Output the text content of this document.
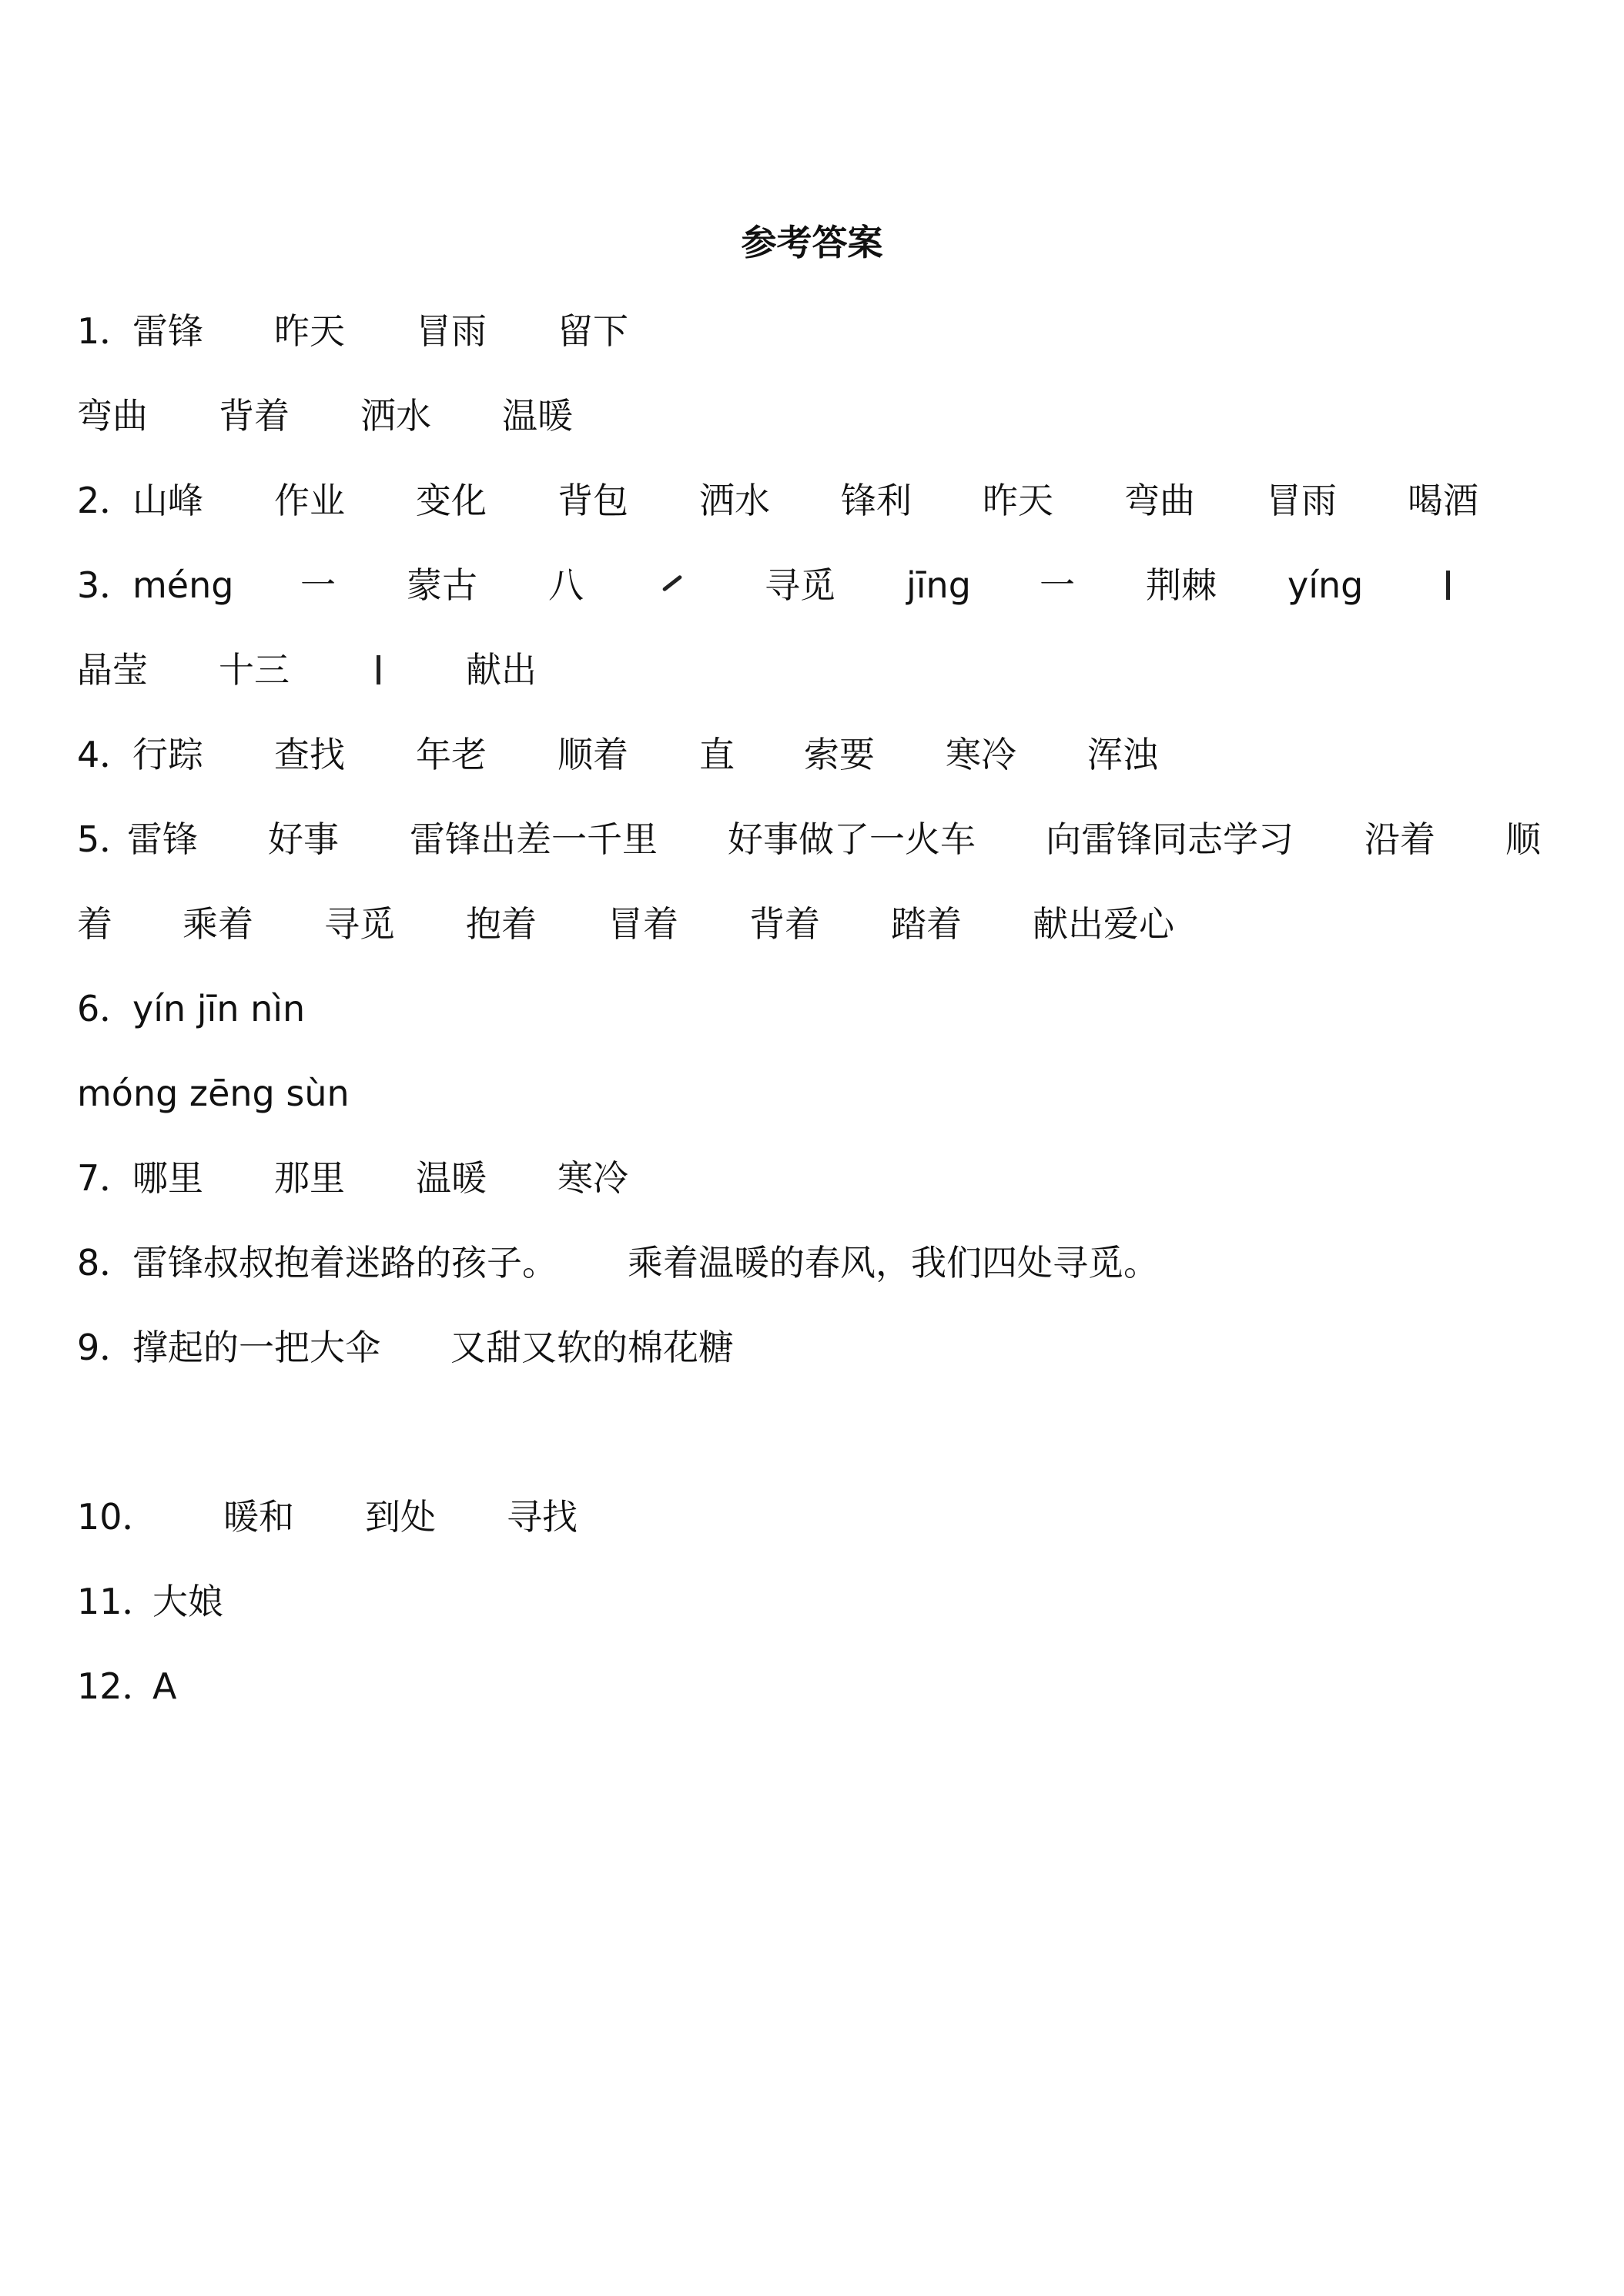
参考答案
1．
雷锋 昨天 冒雨 留下
弯曲 背着 洒水 温暖
2．
山峰 作业 变化 背包 洒水 锋利 昨天 弯曲 冒雨 喝酒
3．
méng 一 蒙古 八	寻觅 jīng 一 荆棘 yíng
晶莹 十三	献出
4．
行踪 查找 年老 顺着 直 索要 寒冷 浑浊
5．
雷锋 好事 雷锋出差一千里 好事做了一火车 向雷锋同志学习 沿着 顺
着 乘着 寻觅 抱着 冒着 背着 踏着 献出爱心
6．
yín jīn nìn
móng zēng sùn
7．
哪里 那里 温暖 寒冷
8．
雷锋叔叔抱着迷路的孩子。 乘着温暖的春风，我们四处寻觅。
9．
撑起的一把大伞 又甜又软的棉花糖
10． 暖和 到处 寻找
11．
大娘
12．
A
